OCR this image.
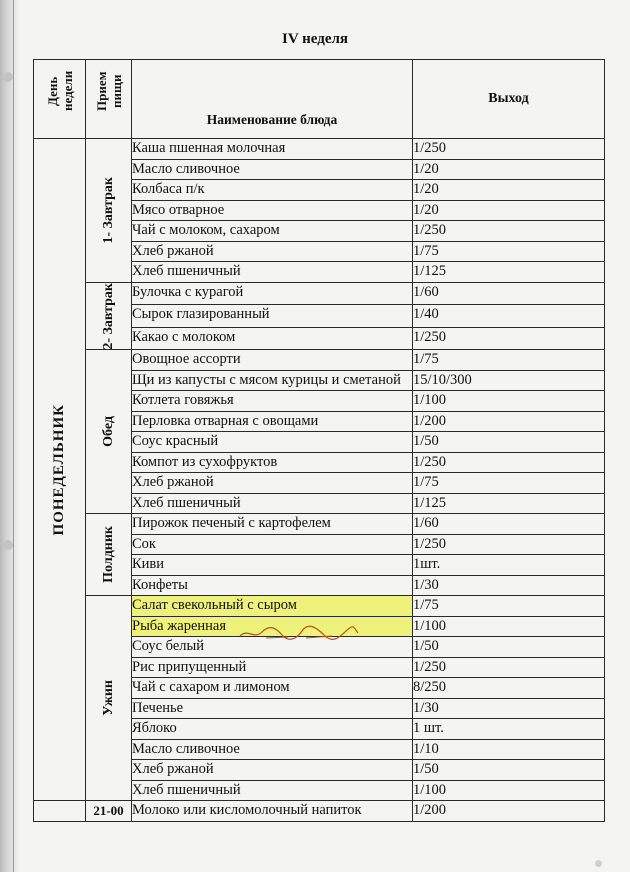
IV неделя
День недели	Прием пищи	Наименование блюда	Выход

ПОНЕДЕЛЬНИК	1- Завтрак	Каша пшенная молочная	1/250
		Масло сливочное	1/20
		Колбаса п/к	1/20
		Мясо отварное	1/20
		Чай с молоком, сахаром	1/250
		Хлеб ржаной	1/75
		Хлеб пшеничный	1/125

	2- Завтрак	Булочка с курагой	1/60
		Сырок глазированный	1/40
		Какао с молоком	1/250

	Обед	Овощное ассорти	1/75
		Щи из капусты с мясом курицы и сметаной	15/10/300
		Котлета говяжья	1/100
		Перловка отварная с овощами	1/200
		Соус красный	1/50
		Компот из сухофруктов	1/250
		Хлеб ржаной	1/75
		Хлеб пшеничный	1/125

	Полдник	Пирожок печеный с картофелем	1/60
		Сок	1/250
		Киви	1шт.
		Конфеты	1/30

	Ужин	Салат свекольный с сыром	1/75
		Рыба жаренная	1/100
		Соус белый	1/50
		Рис припущенный	1/250
		Чай с сахаром и лимоном	8/250
		Печенье	1/30
		Яблоко	1 шт.
		Масло сливочное	1/10
		Хлеб ржаной	1/50
		Хлеб пшеничный	1/100
	21-00	Молоко или кисломолочный напиток	1/200
